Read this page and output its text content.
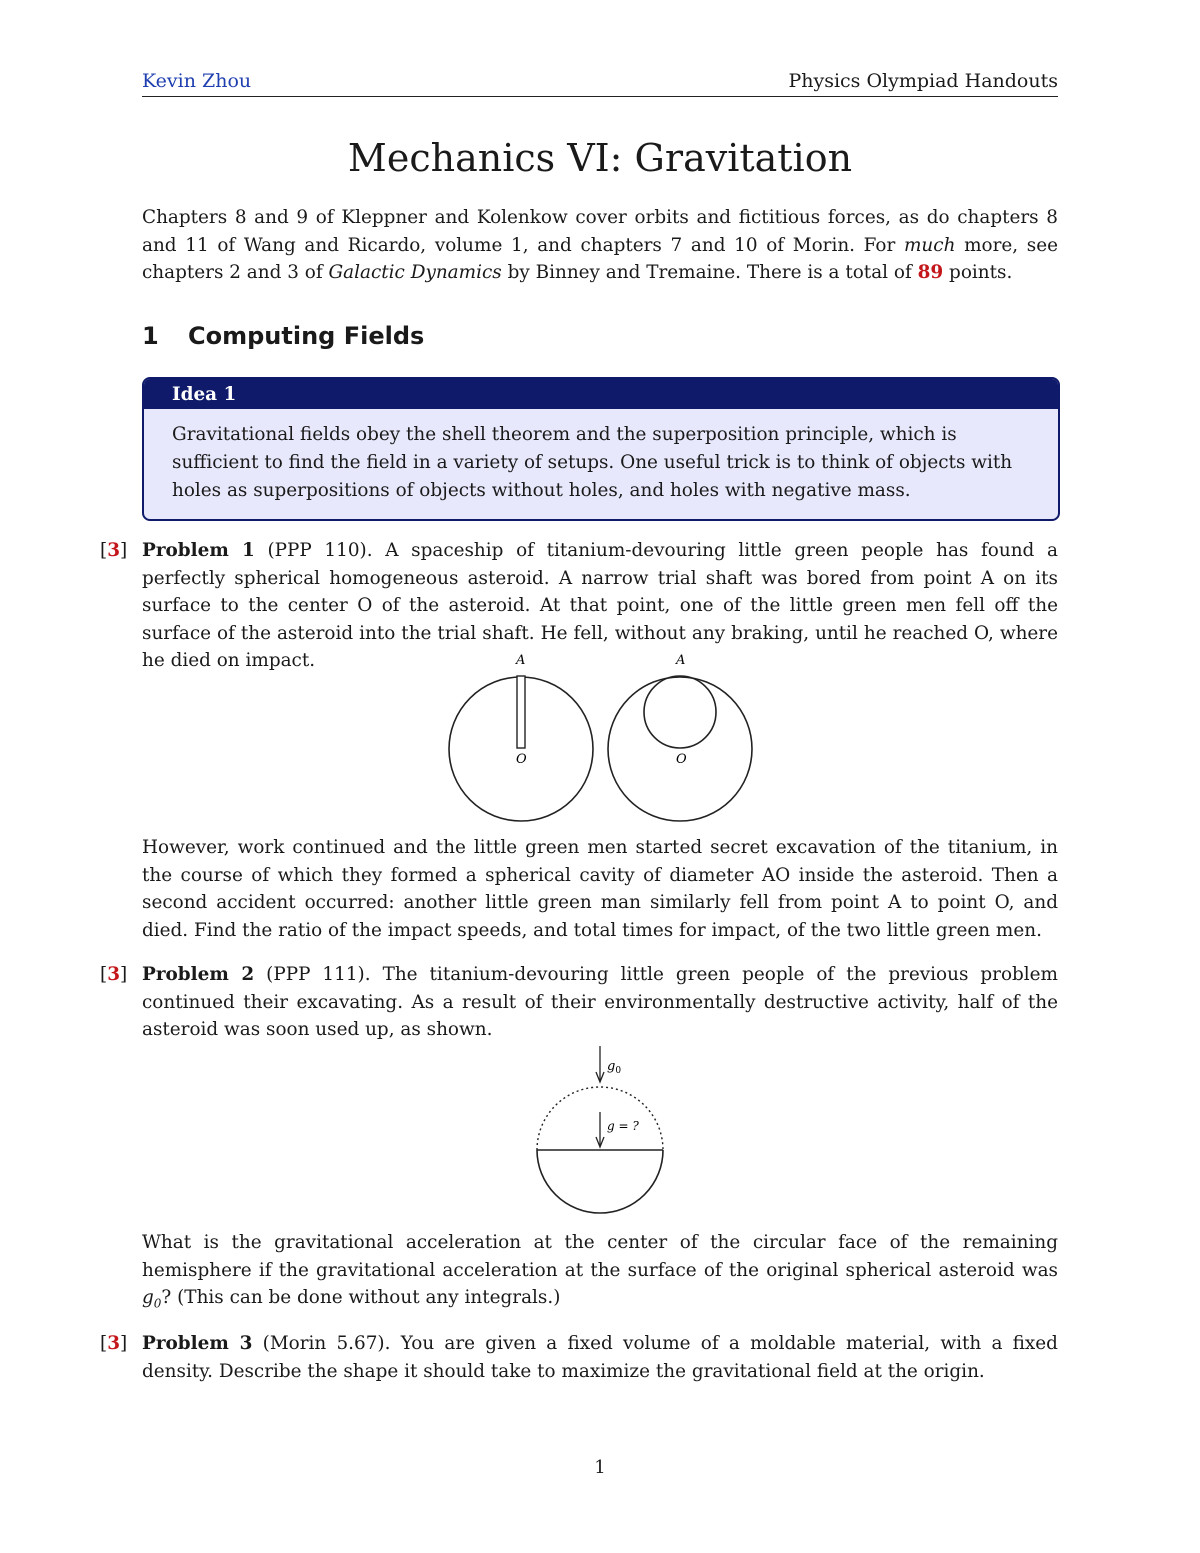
Kevin Zhou	Physics Olympiad Handouts
Mechanics VI: Gravitation
Chapters 8 and 9 of Kleppner and Kolenkow cover orbits and fictitious forces, as do chapters 8 and 11 of Wang and Ricardo, volume 1, and chapters 7 and 10 of Morin. For much more, see chapters 2 and 3 of Galactic Dynamics by Binney and Tremaine. There is a total of 89 points.
1 Computing Fields
Idea 1
Gravitational fields obey the shell theorem and the superposition principle, which is sufficient to find the field in a variety of setups. One useful trick is to think of objects with holes as superpositions of objects without holes, and holes with negative mass.
[3] Problem 1 (PPP 110). A spaceship of titanium-devouring little green people has found a perfectly spherical homogeneous asteroid. A narrow trial shaft was bored from point A on its surface to the center O of the asteroid. At that point, one of the little green men fell off the surface of the asteroid into the trial shaft. He fell, without any braking, until he reached O, where he died on impact.	A
O
A
O
However, work continued and the little green men started secret excavation of the titanium, in the course of which they formed a spherical cavity of diameter AO inside the asteroid. Then a second accident occurred: another little green man similarly fell from point A to point O, and died. Find the ratio of the impact speeds, and total times for impact, of the two little green men.
[3] Problem 2 (PPP 111). The titanium-devouring little green people of the previous problem continued their excavating. As a result of their environmentally destructive activity, half of the asteroid was soon used up, as shown.
$g_0$
g = ?
What is the gravitational acceleration at the center of the circular face of the remaining hemisphere if the gravitational acceleration at the surface of the original spherical asteroid was $g_0$? (This can be done without any integrals.)
[3] Problem 3 (Morin 5.67). You are given a fixed volume of a moldable material, with a fixed density. Describe the shape it should take to maximize the gravitational field at the origin.
1
